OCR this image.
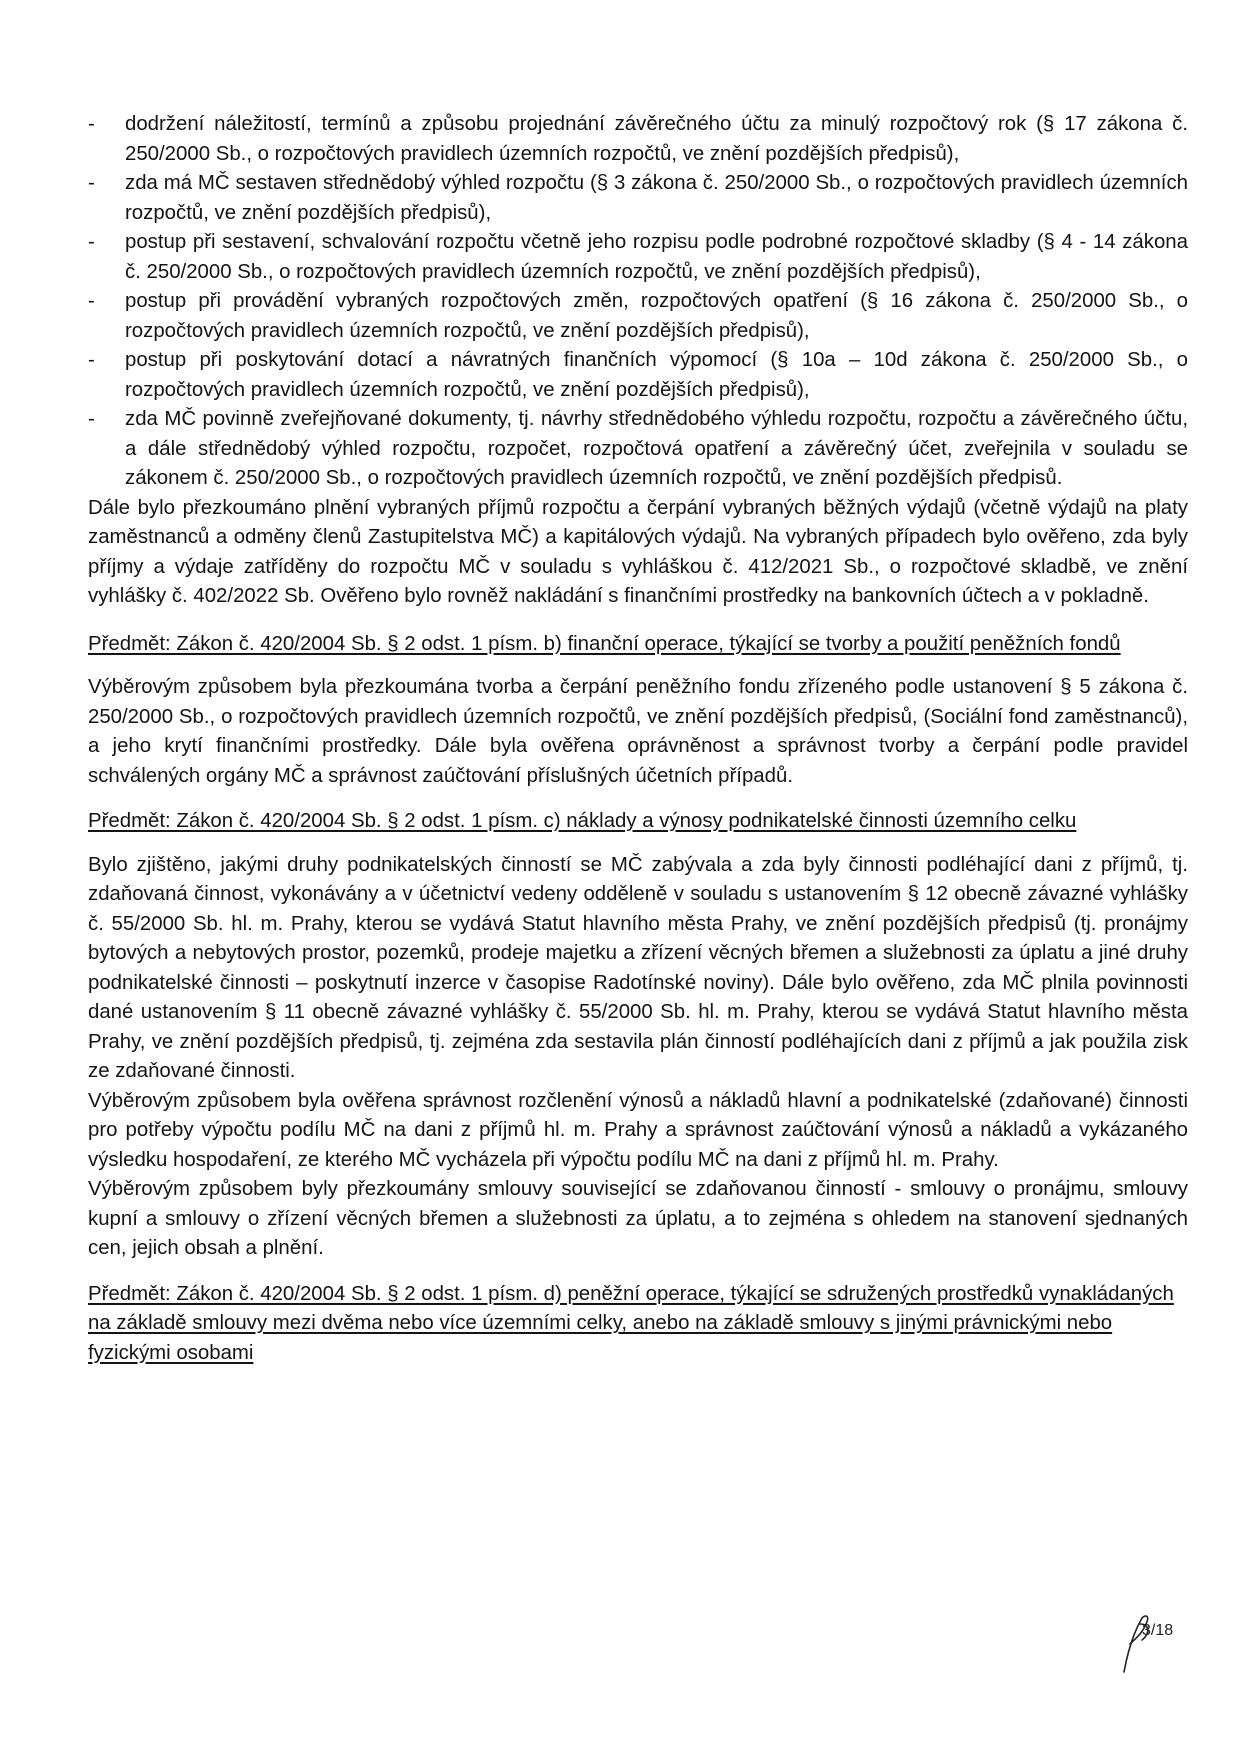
- dodržení náležitostí, termínů a způsobu projednání závěrečného účtu za minulý rozpočtový rok (§ 17 zákona č. 250/2000 Sb., o rozpočtových pravidlech územních rozpočtů, ve znění pozdějších předpisů),
- zda má MČ sestaven střednědobý výhled rozpočtu (§ 3 zákona č. 250/2000 Sb., o rozpočtových pravidlech územních rozpočtů, ve znění pozdějších předpisů),
- postup při sestavení, schvalování rozpočtu včetně jeho rozpisu podle podrobné rozpočtové skladby (§ 4 - 14 zákona č. 250/2000 Sb., o rozpočtových pravidlech územních rozpočtů, ve znění pozdějších předpisů),
- postup při provádění vybraných rozpočtových změn, rozpočtových opatření (§ 16 zákona č. 250/2000 Sb., o rozpočtových pravidlech územních rozpočtů, ve znění pozdějších předpisů),
- postup při poskytování dotací a návratných finančních výpomocí (§ 10a – 10d zákona č. 250/2000 Sb., o rozpočtových pravidlech územních rozpočtů, ve znění pozdějších předpisů),
- zda MČ povinně zveřejňované dokumenty, tj. návrhy střednědobého výhledu rozpočtu, rozpočtu a závěrečného účtu, a dále střednědobý výhled rozpočtu, rozpočet, rozpočtová opatření a závěrečný účet, zveřejnila v souladu se zákonem č. 250/2000 Sb., o rozpočtových pravidlech územních rozpočtů, ve znění pozdějších předpisů.

Dále bylo přezkoumáno plnění vybraných příjmů rozpočtu a čerpání vybraných běžných výdajů (včetně výdajů na platy zaměstnanců a odměny členů Zastupitelstva MČ) a kapitálových výdajů. Na vybraných případech bylo ověřeno, zda byly příjmy a výdaje zatříděny do rozpočtu MČ v souladu s vyhláškou č. 412/2021 Sb., o rozpočtové skladbě, ve znění vyhlášky č. 402/2022 Sb. Ověřeno bylo rovněž nakládání s finančními prostředky na bankovních účtech a v pokladně.

Předmět: Zákon č. 420/2004 Sb. § 2 odst. 1 písm. b) finanční operace, týkající se tvorby a použití peněžních fondů

Výběrovým způsobem byla přezkoumána tvorba a čerpání peněžního fondu zřízeného podle ustanovení § 5 zákona č. 250/2000 Sb., o rozpočtových pravidlech územních rozpočtů, ve znění pozdějších předpisů, (Sociální fond zaměstnanců), a jeho krytí finančními prostředky. Dále byla ověřena oprávněnost a správnost tvorby a čerpání podle pravidel schválených orgány MČ a správnost zaúčtování příslušných účetních případů.

Předmět: Zákon č. 420/2004 Sb. § 2 odst. 1 písm. c) náklady a výnosy podnikatelské činnosti územního celku

Bylo zjištěno, jakými druhy podnikatelských činností se MČ zabývala a zda byly činnosti podléhající dani z příjmů, tj. zdaňovaná činnost, vykonávány a v účetnictví vedeny odděleně v souladu s ustanovením § 12 obecně závazné vyhlášky č. 55/2000 Sb. hl. m. Prahy, kterou se vydává Statut hlavního města Prahy, ve znění pozdějších předpisů (tj. pronájmy bytových a nebytových prostor, pozemků, prodeje majetku a zřízení věcných břemen a služebnosti za úplatu a jiné druhy podnikatelské činnosti – poskytnutí inzerce v časopise Radotínské noviny). Dále bylo ověřeno, zda MČ plnila povinnosti dané ustanovením § 11 obecně závazné vyhlášky č. 55/2000 Sb. hl. m. Prahy, kterou se vydává Statut hlavního města Prahy, ve znění pozdějších předpisů, tj. zejména zda sestavila plán činností podléhajících dani z příjmů a jak použila zisk ze zdaňované činnosti.

Výběrovým způsobem byla ověřena správnost rozčlenění výnosů a nákladů hlavní a podnikatelské (zdaňované) činnosti pro potřeby výpočtu podílu MČ na dani z příjmů hl. m. Prahy a správnost zaúčtování výnosů a nákladů a vykázaného výsledku hospodaření, ze kterého MČ vycházela při výpočtu podílu MČ na dani z příjmů hl. m. Prahy.

Výběrovým způsobem byly přezkoumány smlouvy související se zdaňovanou činností - smlouvy o pronájmu, smlouvy kupní a smlouvy o zřízení věcných břemen a služebnosti za úplatu, a to zejména s ohledem na stanovení sjednaných cen, jejich obsah a plnění.

Předmět: Zákon č. 420/2004 Sb. § 2 odst. 1 písm. d) peněžní operace, týkající se sdružených prostředků vynakládaných na základě smlouvy mezi dvěma nebo více územními celky, anebo na základě smlouvy s jinými právnickými nebo fyzickými osobami

3/18
